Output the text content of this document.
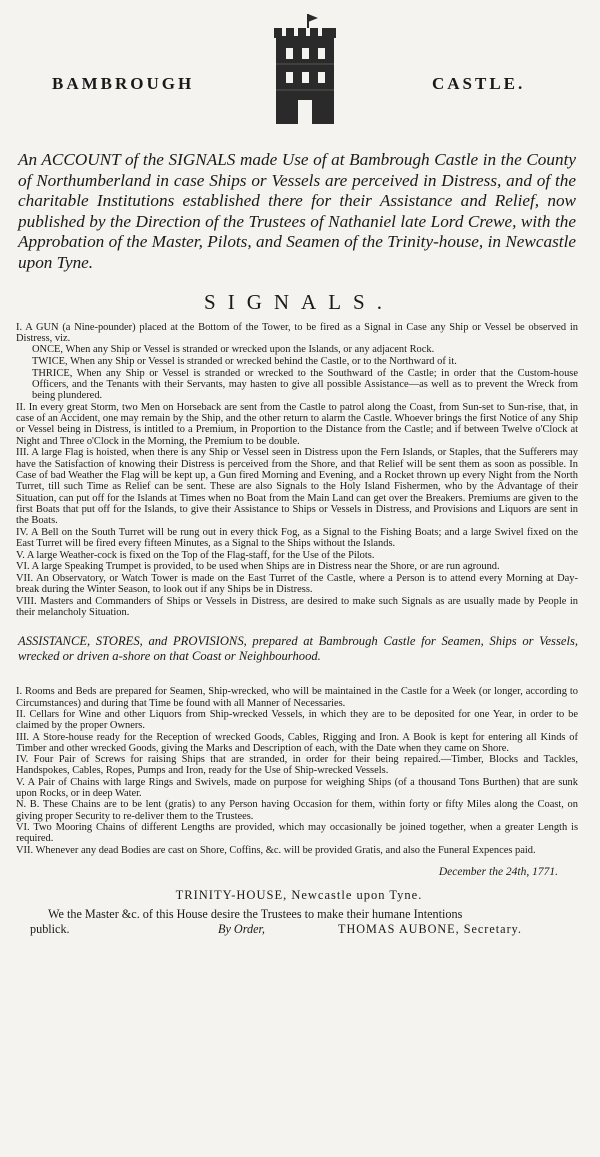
BAMBROUGH	CASTLE.
An ACCOUNT of the SIGNALS made Use of at Bambrough Castle in the County of Northumberland in case Ships or Vessels are perceived in Distress, and of the charitable Institutions established there for their Assistance and Relief, now published by the Direction of the Trustees of Nathaniel late Lord Crewe, with the Approbation of the Master, Pilots, and Seamen of the Trinity-house, in Newcastle upon Tyne.
SIGNALS.
I. A GUN (a Nine-pounder) placed at the Bottom of the Tower, to be fired as a Signal in Case any Ship or Vessel be observed in Distress, viz.
ONCE, When any Ship or Vessel is stranded or wrecked upon the Islands, or any adjacent Rock.
TWICE, When any Ship or Vessel is stranded or wrecked behind the Castle, or to the Northward of it.
THRICE, When any Ship or Vessel is stranded or wrecked to the Southward of the Castle; in order that the Custom-house Officers, and the Tenants with their Servants, may hasten to give all possible Assistance—as well as to prevent the Wreck from being plundered.
II. In every great Storm, two Men on Horseback are sent from the Castle to patrol along the Coast, from Sun-set to Sun-rise, that, in case of an Accident, one may remain by the Ship, and the other return to alarm the Castle. Whoever brings the first Notice of any Ship or Vessel being in Distress, is intitled to a Premium, in Proportion to the Distance from the Castle; and if between Twelve o'Clock at Night and Three o'Clock in the Morning, the Premium to be double.
III. A large Flag is hoisted, when there is any Ship or Vessel seen in Distress upon the Fern Islands, or Staples, that the Sufferers may have the Satisfaction of knowing their Distress is perceived from the Shore, and that Relief will be sent them as soon as possible. In Case of bad Weather the Flag will be kept up, a Gun fired Morning and Evening, and a Rocket thrown up every Night from the North Turret, till such Time as Relief can be sent. These are also Signals to the Holy Island Fishermen, who by the Advantage of their Situation, can put off for the Islands at Times when no Boat from the Main Land can get over the Breakers. Premiums are given to the first Boats that put off for the Islands, to give their Assistance to Ships or Vessels in Distress, and Provisions and Liquors are sent in the Boats.
IV. A Bell on the South Turret will be rung out in every thick Fog, as a Signal to the Fishing Boats; and a large Swivel fixed on the East Turret will be fired every fifteen Minutes, as a Signal to the Ships without the Islands.
V. A large Weather-cock is fixed on the Top of the Flag-staff, for the Use of the Pilots.
VI. A large Speaking Trumpet is provided, to be used when Ships are in Distress near the Shore, or are run aground.
VII. An Observatory, or Watch Tower is made on the East Turret of the Castle, where a Person is to attend every Morning at Day-break during the Winter Season, to look out if any Ships be in Distress.
VIII. Masters and Commanders of Ships or Vessels in Distress, are desired to make such Signals as are usually made by People in their melancholy Situation.
ASSISTANCE, STORES, and PROVISIONS, prepared at Bambrough Castle for Seamen, Ships or Vessels, wrecked or driven a-shore on that Coast or Neighbourhood.
I. Rooms and Beds are prepared for Seamen, Ship-wrecked, who will be maintained in the Castle for a Week (or longer, according to Circumstances) and during that Time be found with all Manner of Necessaries.
II. Cellars for Wine and other Liquors from Ship-wrecked Vessels, in which they are to be deposited for one Year, in order to be claimed by the proper Owners.
III. A Store-house ready for the Reception of wrecked Goods, Cables, Rigging and Iron. A Book is kept for entering all Kinds of Timber and other wrecked Goods, giving the Marks and Description of each, with the Date when they came on Shore.
IV. Four Pair of Screws for raising Ships that are stranded, in order for their being repaired.—Timber, Blocks and Tackles, Handspokes, Cables, Ropes, Pumps and Iron, ready for the Use of Ship-wrecked Vessels.
V. A Pair of Chains with large Rings and Swivels, made on purpose for weighing Ships (of a thousand Tons Burthen) that are sunk upon Rocks, or in deep Water.
N. B. These Chains are to be lent (gratis) to any Person having Occasion for them, within forty or fifty Miles along the Coast, on giving proper Security to re-deliver them to the Trustees.
VI. Two Mooring Chains of different Lengths are provided, which may occasionally be joined together, when a greater Length is required.
VII. Whenever any dead Bodies are cast on Shore, Coffins, &c. will be provided Gratis, and also the Funeral Expences paid.
December the 24th, 1771.
TRINITY-HOUSE, Newcastle upon Tyne.
We the Master &c. of this House desire the Trustees to make their humane Intentions
publick.	By Order,	THOMAS AUBONE, Secretary.
